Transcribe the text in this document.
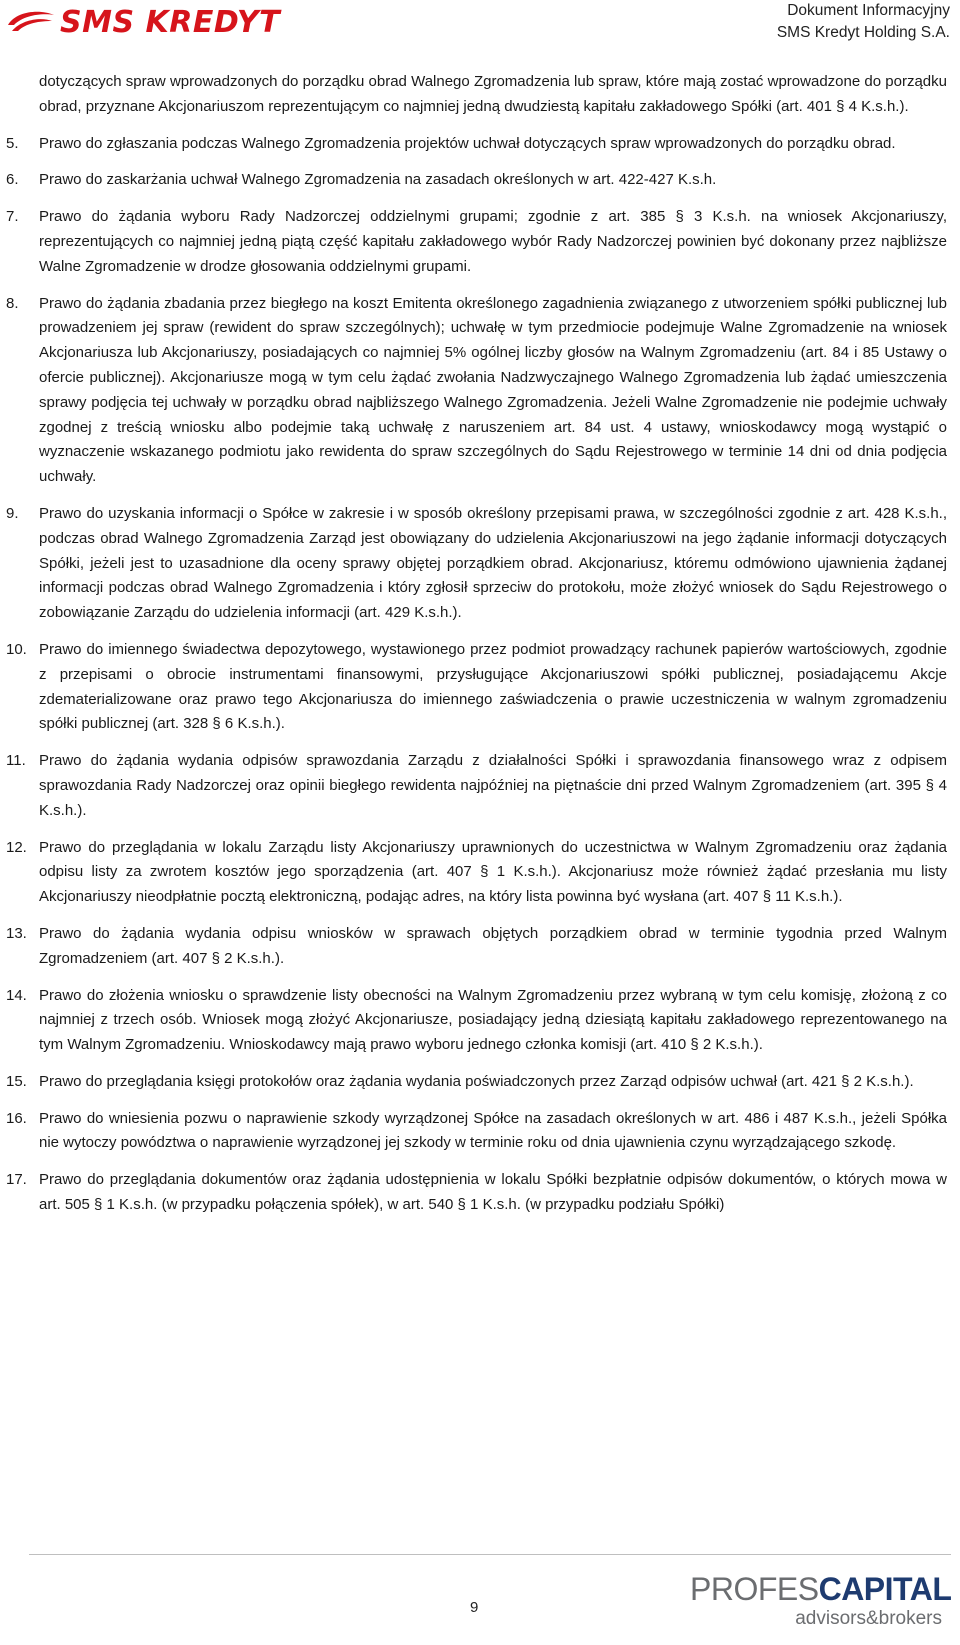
SMS KREDYT	Dokument Informacyjny
SMS Kredyt Holding S.A.

dotyczących spraw wprowadzonych do porządku obrad Walnego Zgromadzenia lub spraw, które mają zostać wprowadzone do porządku obrad, przyznane Akcjonariuszom reprezentującym co najmniej jedną dwudziestą kapitału zakładowego Spółki (art. 401 § 4 K.s.h.).

5. Prawo do zgłaszania podczas Walnego Zgromadzenia projektów uchwał dotyczących spraw wprowadzonych do porządku obrad.
6. Prawo do zaskarżania uchwał Walnego Zgromadzenia na zasadach określonych w art. 422-427 K.s.h.
7. Prawo do żądania wyboru Rady Nadzorczej oddzielnymi grupami; zgodnie z art. 385 § 3 K.s.h. na wniosek Akcjonariuszy, reprezentujących co najmniej jedną piątą część kapitału zakładowego wybór Rady Nadzorczej powinien być dokonany przez najbliższe Walne Zgromadzenie w drodze głosowania oddzielnymi grupami.
8. Prawo do żądania zbadania przez biegłego na koszt Emitenta określonego zagadnienia związanego z utworzeniem spółki publicznej lub prowadzeniem jej spraw (rewident do spraw szczególnych); uchwałę w tym przedmiocie podejmuje Walne Zgromadzenie na wniosek Akcjonariusza lub Akcjonariuszy, posiadających co najmniej 5% ogólnej liczby głosów na Walnym Zgromadzeniu (art. 84 i 85 Ustawy o ofercie publicznej). Akcjonariusze mogą w tym celu żądać zwołania Nadzwyczajnego Walnego Zgromadzenia lub żądać umieszczenia sprawy podjęcia tej uchwały w porządku obrad najbliższego Walnego Zgromadzenia. Jeżeli Walne Zgromadzenie nie podejmie uchwały zgodnej z treścią wniosku albo podejmie taką uchwałę z naruszeniem art. 84 ust. 4 ustawy, wnioskodawcy mogą wystąpić o wyznaczenie wskazanego podmiotu jako rewidenta do spraw szczególnych do Sądu Rejestrowego w terminie 14 dni od dnia podjęcia uchwały.
9. Prawo do uzyskania informacji o Spółce w zakresie i w sposób określony przepisami prawa, w szczególności zgodnie z art. 428 K.s.h., podczas obrad Walnego Zgromadzenia Zarząd jest obowiązany do udzielenia Akcjonariuszowi na jego żądanie informacji dotyczących Spółki, jeżeli jest to uzasadnione dla oceny sprawy objętej porządkiem obrad. Akcjonariusz, któremu odmówiono ujawnienia żądanej informacji podczas obrad Walnego Zgromadzenia i który zgłosił sprzeciw do protokołu, może złożyć wniosek do Sądu Rejestrowego o zobowiązanie Zarządu do udzielenia informacji (art. 429 K.s.h.).
10. Prawo do imiennego świadectwa depozytowego, wystawionego przez podmiot prowadzący rachunek papierów wartościowych, zgodnie z przepisami o obrocie instrumentami finansowymi, przysługujące Akcjonariuszowi spółki publicznej, posiadającemu Akcje zdematerializowane oraz prawo tego Akcjonariusza do imiennego zaświadczenia o prawie uczestniczenia w walnym zgromadzeniu spółki publicznej (art. 328 § 6 K.s.h.).
11. Prawo do żądania wydania odpisów sprawozdania Zarządu z działalności Spółki i sprawozdania finansowego wraz z odpisem sprawozdania Rady Nadzorczej oraz opinii biegłego rewidenta najpóźniej na piętnaście dni przed Walnym Zgromadzeniem (art. 395 § 4 K.s.h.).
12. Prawo do przeglądania w lokalu Zarządu listy Akcjonariuszy uprawnionych do uczestnictwa w Walnym Zgromadzeniu oraz żądania odpisu listy za zwrotem kosztów jego sporządzenia (art. 407 § 1 K.s.h.). Akcjonariusz może również żądać przesłania mu listy Akcjonariuszy nieodpłatnie pocztą elektroniczną, podając adres, na który lista powinna być wysłana (art. 407 § 11 K.s.h.).
13. Prawo do żądania wydania odpisu wniosków w sprawach objętych porządkiem obrad w terminie tygodnia przed Walnym Zgromadzeniem (art. 407 § 2 K.s.h.).
14. Prawo do złożenia wniosku o sprawdzenie listy obecności na Walnym Zgromadzeniu przez wybraną w tym celu komisję, złożoną z co najmniej z trzech osób. Wniosek mogą złożyć Akcjonariusze, posiadający jedną dziesiątą kapitału zakładowego reprezentowanego na tym Walnym Zgromadzeniu. Wnioskodawcy mają prawo wyboru jednego członka komisji (art. 410 § 2 K.s.h.).
15. Prawo do przeglądania księgi protokołów oraz żądania wydania poświadczonych przez Zarząd odpisów uchwał (art. 421 § 2 K.s.h.).
16. Prawo do wniesienia pozwu o naprawienie szkody wyrządzonej Spółce na zasadach określonych w art. 486 i 487 K.s.h., jeżeli Spółka nie wytoczy powództwa o naprawienie wyrządzonej jej szkody w terminie roku od dnia ujawnienia czynu wyrządzającego szkodę.
17. Prawo do przeglądania dokumentów oraz żądania udostępnienia w lokalu Spółki bezpłatnie odpisów dokumentów, o których mowa w art. 505 § 1 K.s.h. (w przypadku połączenia spółek), w art. 540 § 1 K.s.h. (w przypadku podziału Spółki)
9
PROFESCAPITAL
advisors&brokers
